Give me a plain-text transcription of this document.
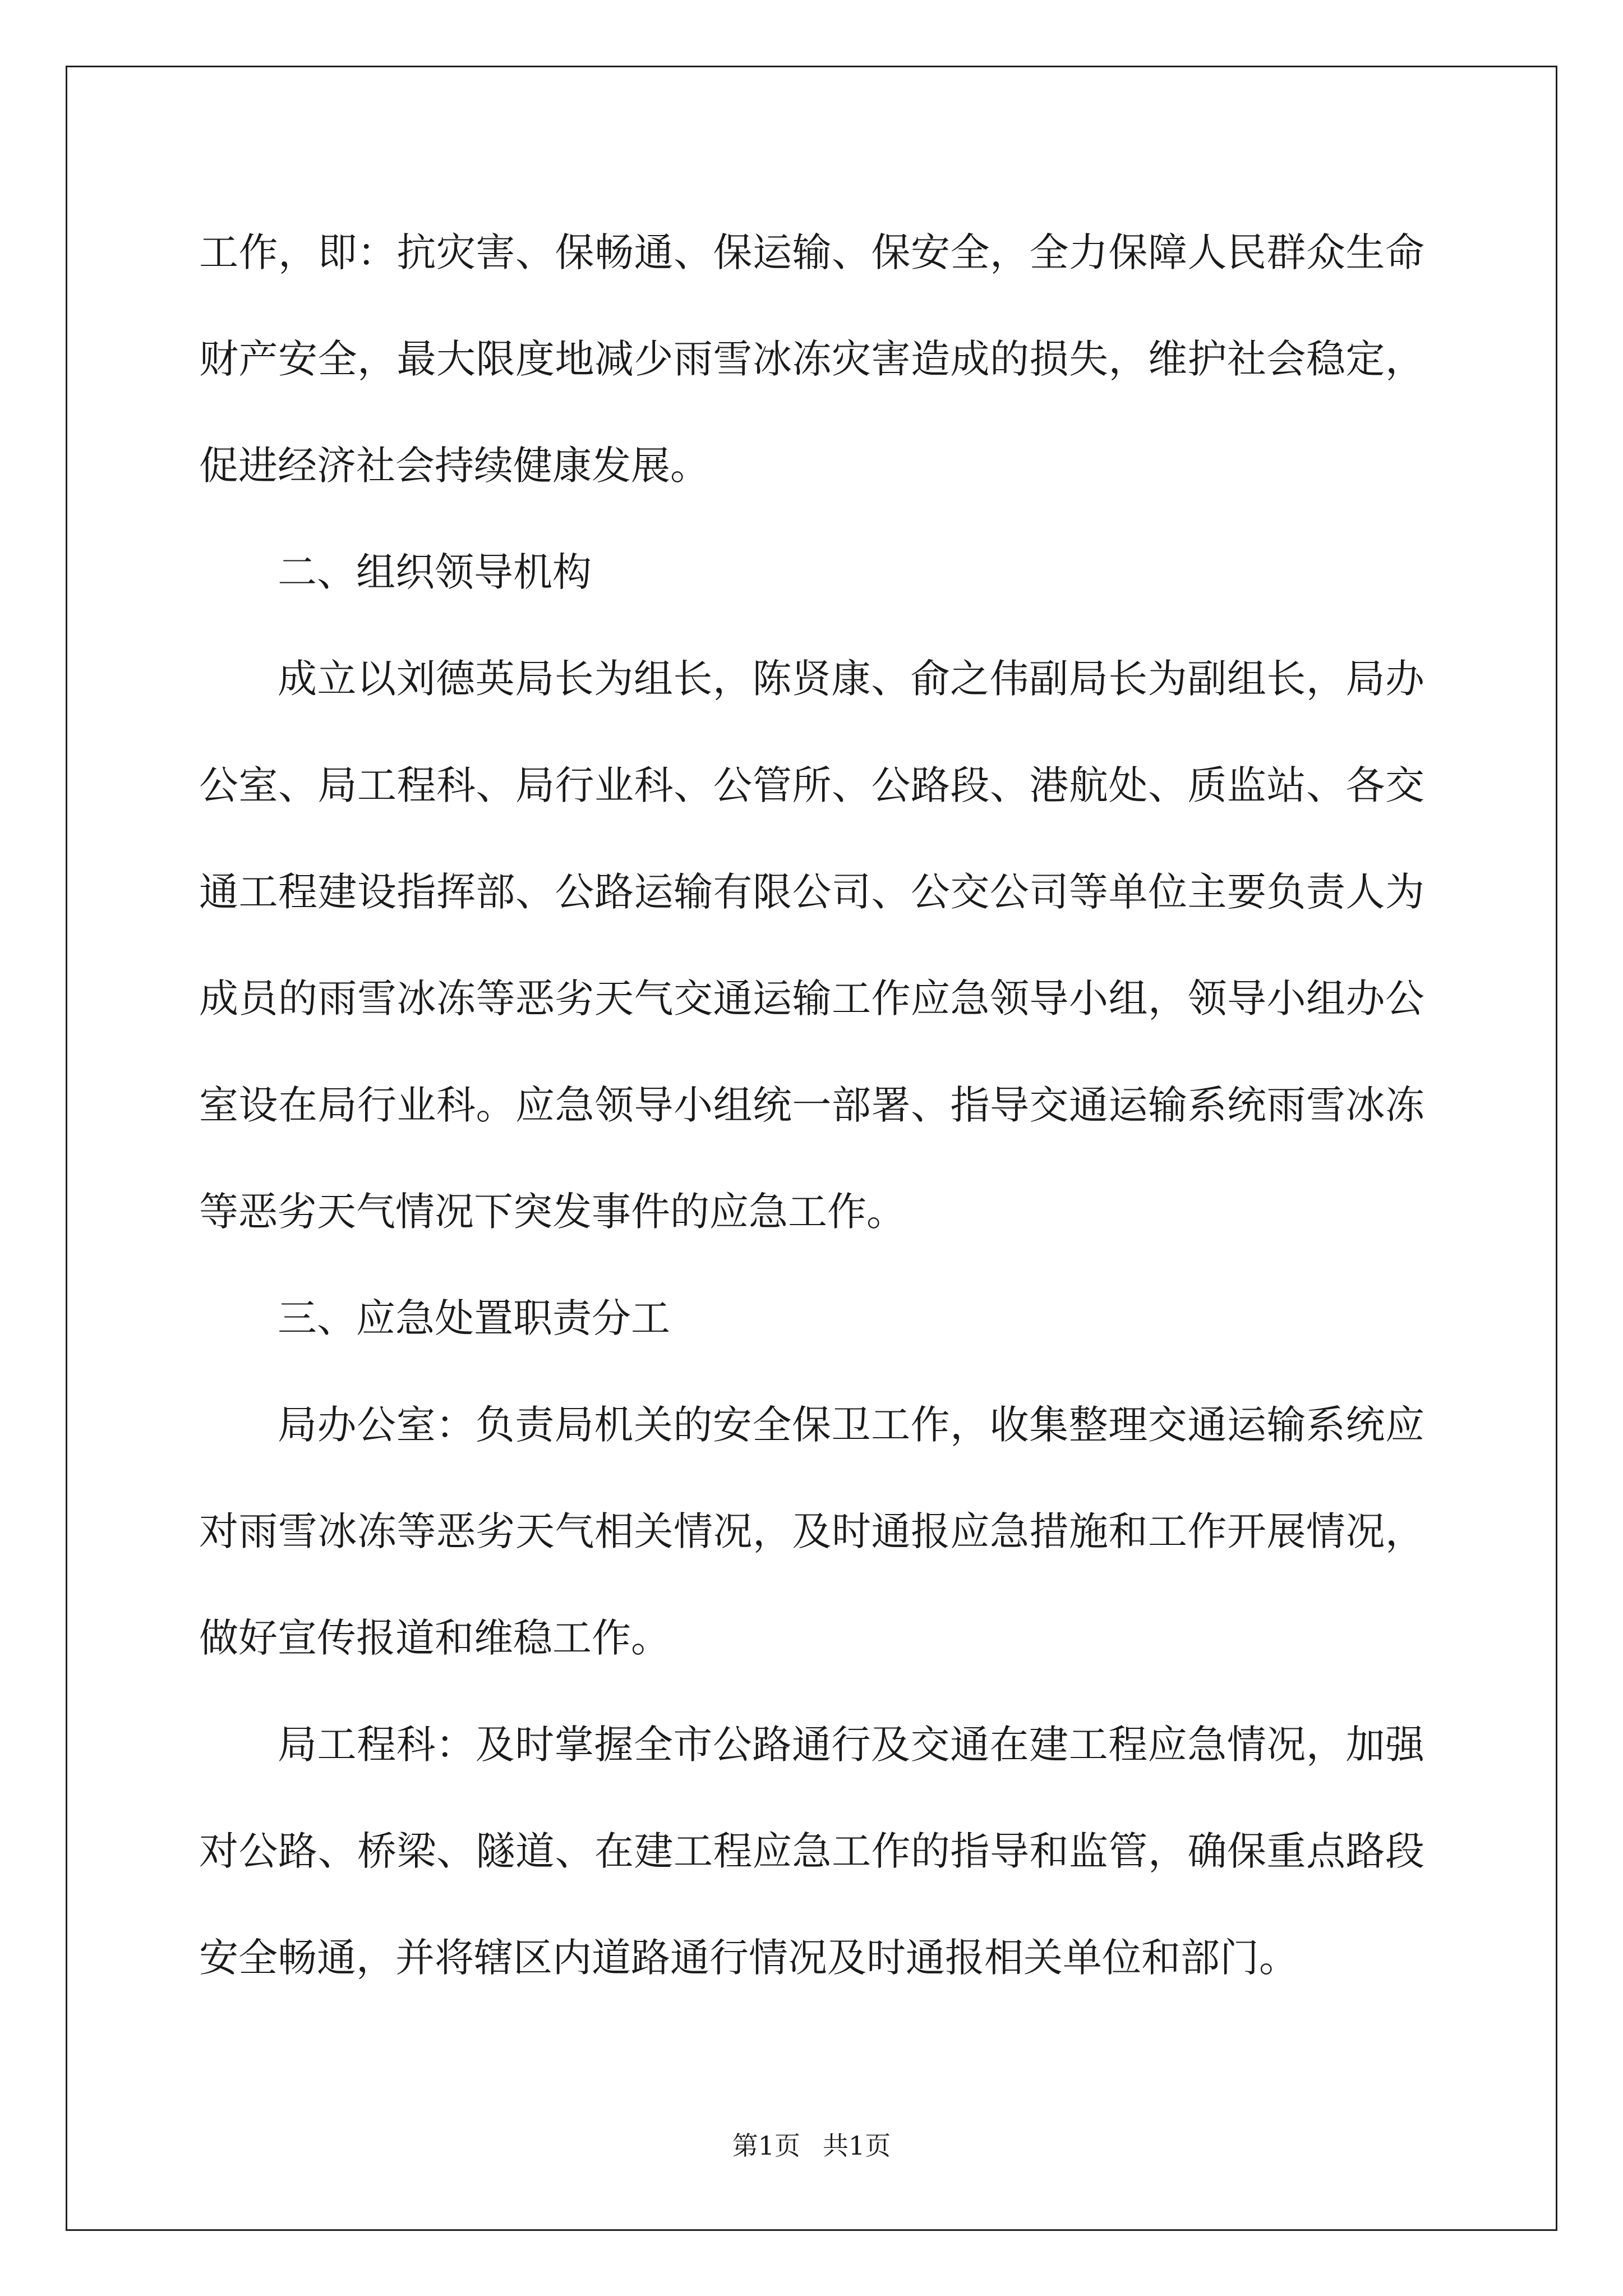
工作，即：抗灾害、保畅通、保运输、保安全，全力保障人民群众生命财产安全，最大限度地减少雨雪冰冻灾害造成的损失，维护社会稳定，促进经济社会持续健康发展。

二、组织领导机构

成立以刘德英局长为组长，陈贤康、俞之伟副局长为副组长，局办公室、局工程科、局行业科、公管所、公路段、港航处、质监站、各交通工程建设指挥部、公路运输有限公司、公交公司等单位主要负责人为成员的雨雪冰冻等恶劣天气交通运输工作应急领导小组，领导小组办公室设在局行业科。应急领导小组统一部署、指导交通运输系统雨雪冰冻等恶劣天气情况下突发事件的应急工作。

三、应急处置职责分工

局办公室：负责局机关的安全保卫工作，收集整理交通运输系统应对雨雪冰冻等恶劣天气相关情况，及时通报应急措施和工作开展情况，做好宣传报道和维稳工作。

局工程科：及时掌握全市公路通行及交通在建工程应急情况，加强对公路、桥梁、隧道、在建工程应急工作的指导和监管，确保重点路段安全畅通，并将辖区内道路通行情况及时通报相关单位和部门。

第1页 共1页
